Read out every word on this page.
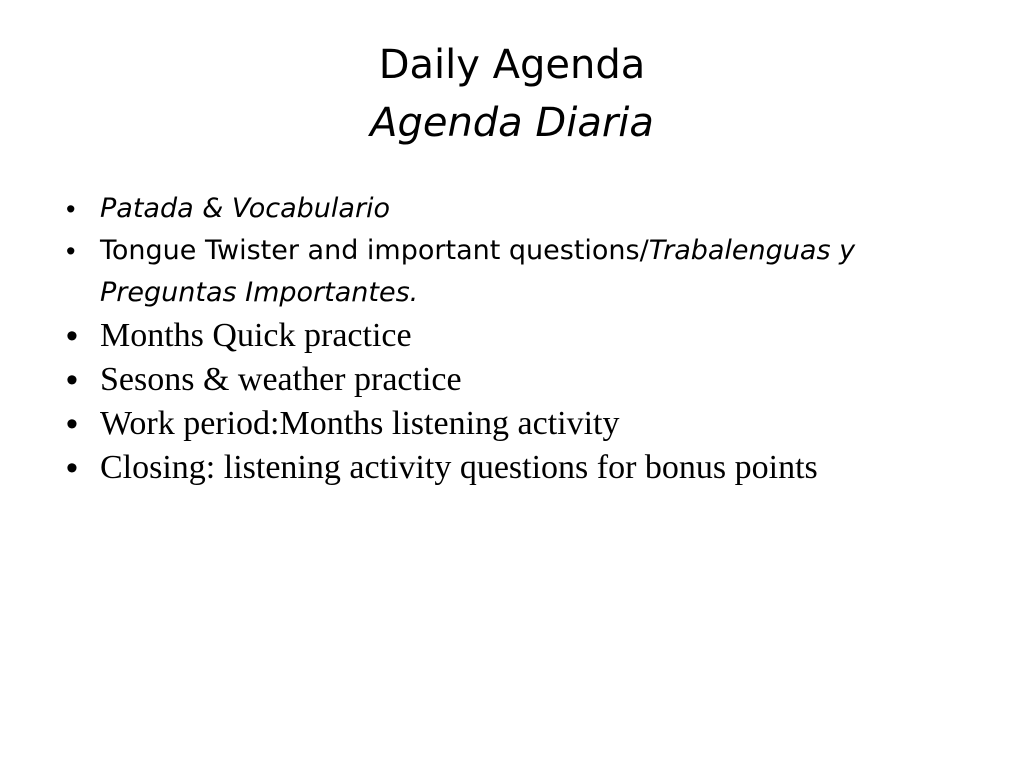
Daily Agenda
Agenda Diaria
• Patada & Vocabulario
• Tongue Twister and important questions/Trabalenguas y Preguntas Importantes.
• Months Quick practice
• Sesons & weather practice
• Work period:Months listening activity
• Closing: listening activity questions for bonus points
